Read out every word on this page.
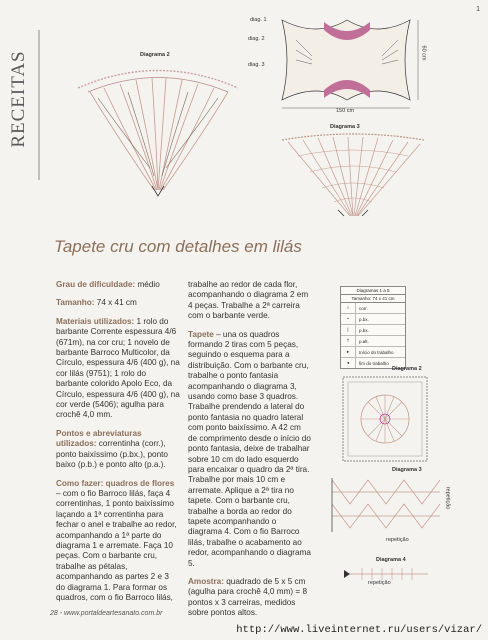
1
RECEITAS	Diagrama 2
diag. 1
diag. 2
diag. 3
150 cm
60 cm
Diagrama 3
Tapete cru com detalhes em lilás

Grau de dificuldade: médio

Tamanho: 74 x 41 cm

Materiais utilizados: 1 rolo do barbante Corrente espessura 4/6 (671m), na cor cru; 1 novelo de barbante Barroco Multicolor, da Círculo, espessura 4/6 (400 g), na cor lilás (9751); 1 rolo do barbante colorido Apolo Eco, da Círculo, espessura 4/6 (400 g), na cor verde (5406); agulha para crochê 4,0 mm.

Pontos e abreviaturas utilizados: correntinha (corr.), ponto baixíssimo (p.bx.), ponto baixo (p.b.) e ponto alto (p.a.).

Como fazer: quadros de flores – com o fio Barroco lilás, faça 4 correntinhas, 1 ponto baixíssimo laçando a 1ª correntinha para fechar o anel e trabalhe ao redor, acompanhando a 1ª parte do diagrama 1 e arremate. Faça 10 peças. Com o barbante cru, trabalhe as pétalas, acompanhando as partes 2 e 3 do diagrama 1. Para formar os quadros, com o fio Barroco lilás,

trabalhe ao redor de cada flor, acompanhando o diagrama 2 em 4 peças. Trabalhe a 2ª carreira com o barbante verde.

Tapete – una os quadros formando 2 tiras com 5 peças, seguindo o esquema para a distribuição. Com o barbante cru, trabalhe o ponto fantasia acompanhando o diagrama 3, usando como base 3 quadros. Trabalhe prendendo a lateral do ponto fantasia no quadro lateral com ponto baixíssimo. A 42 cm de comprimento desde o início do ponto fantasia, deixe de trabalhar sobre 10 cm do lado esquerdo para encaixar o quadro da 2ª tira. Trabalhe por mais 10 cm e arremate. Aplique a 2ª tira no tapete. Com o barbante cru, trabalhe a borda ao redor do tapete acompanhando o diagrama 4. Com o fio Barroco lilás, trabalhe o acabamento ao redor, acompanhando o diagrama 5.

Amostra: quadrado de 5 x 5 cm (agulha para crochê 4,0 mm) = 8 pontos x 3 carreiras, medidos sobre pontos altos.

Diagramas 1 a 5
Tamanho: 74 x 41 cm
○	corr.
•	p.bx.
|	p.bx.
†	p.alt.
▸	Início do trabalho
◂	fim do trabalho
Diagrama 2
Diagrama 3
repetição
repetição
Diagrama 4
repetição
28 - www.portaldeartesanato.com.br
http://www.liveinternet.ru/users/vizar/
